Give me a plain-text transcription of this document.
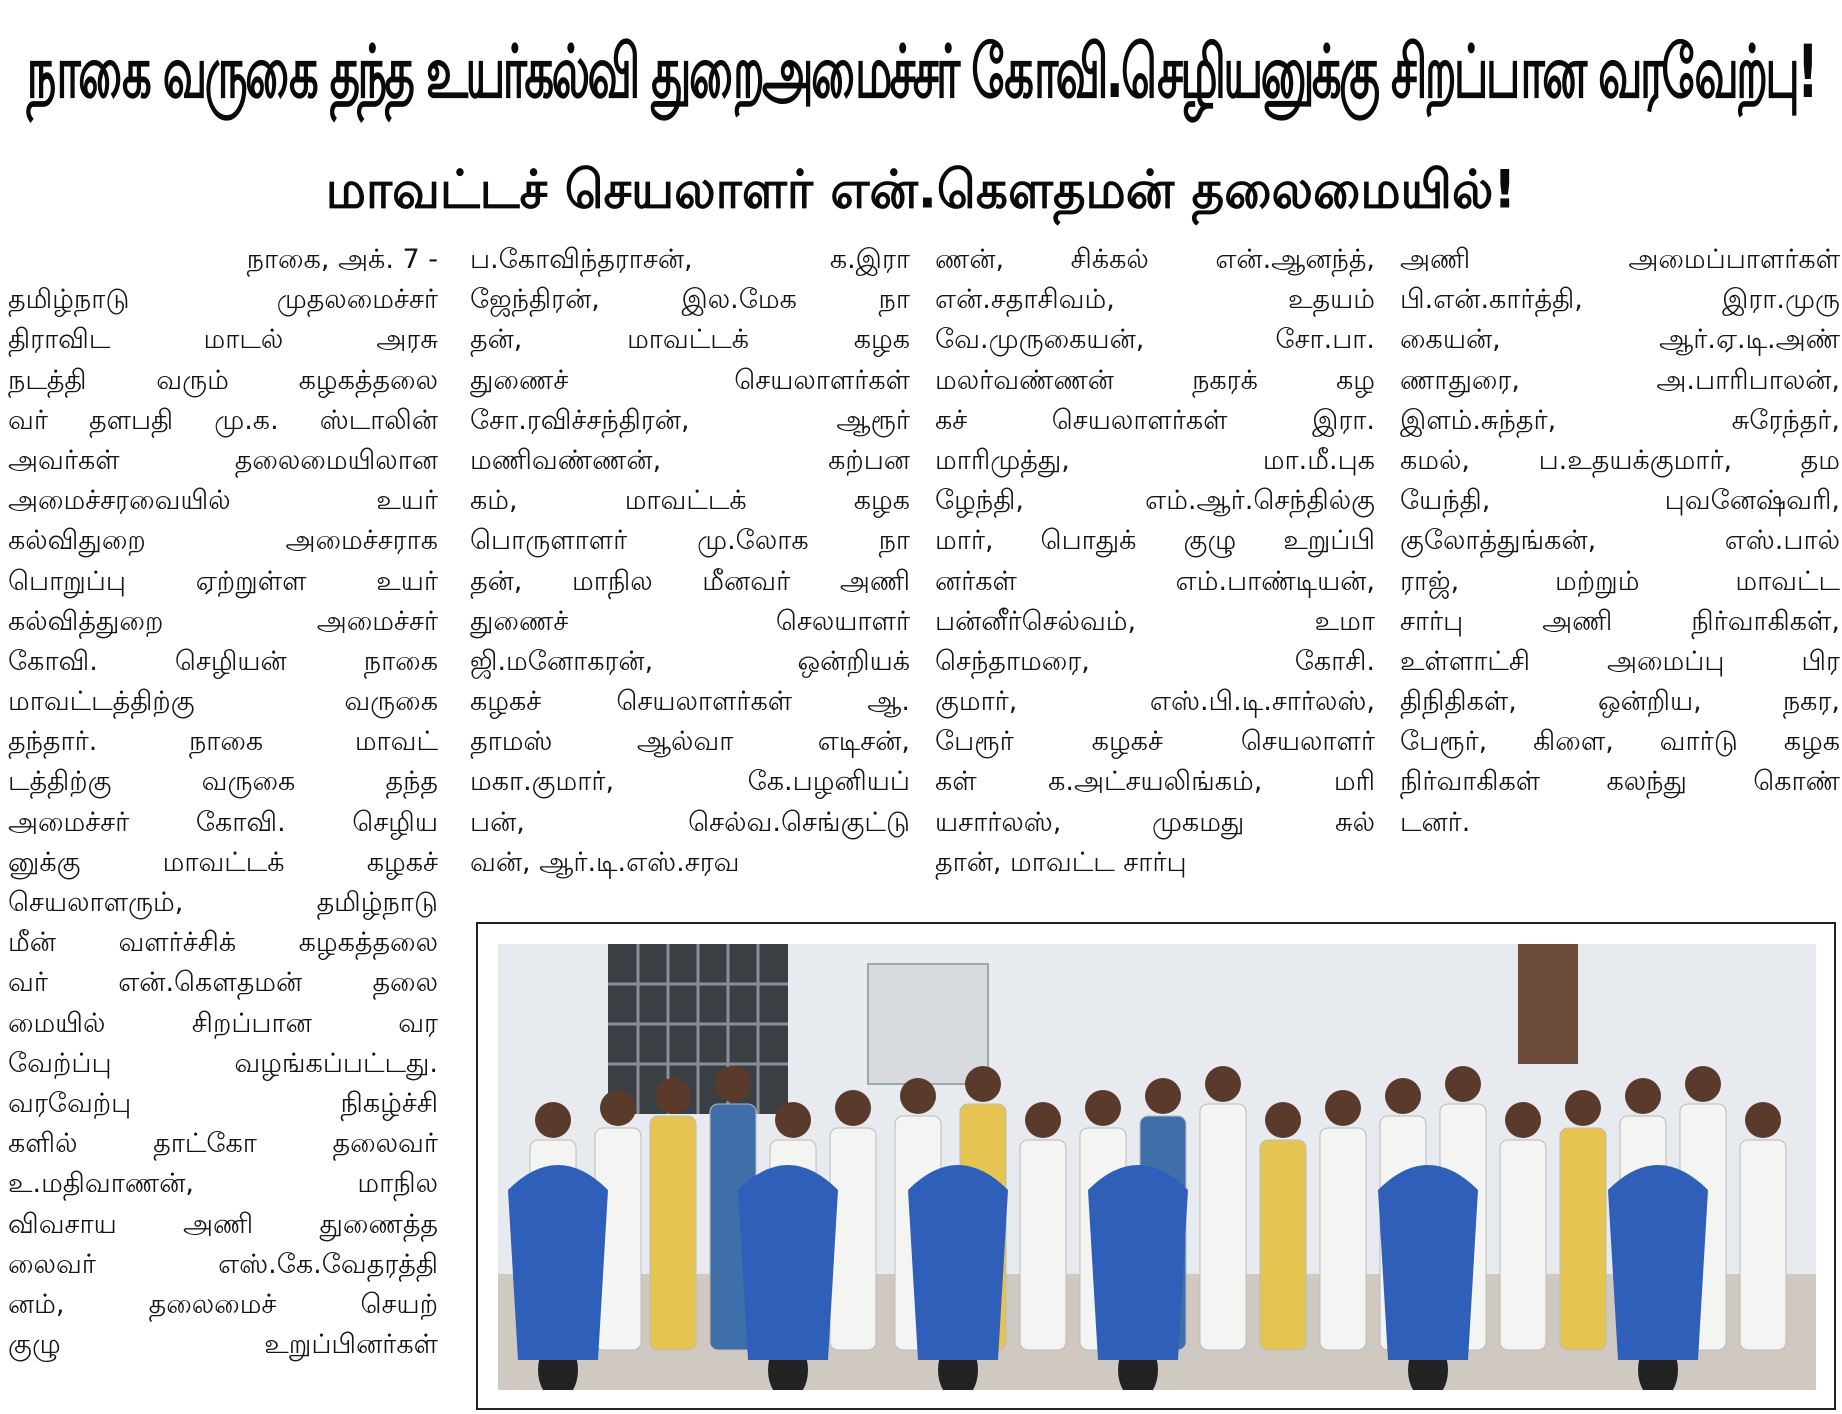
நாகை வருகை தந்த உயர்கல்வி துறைஅமைச்சர் கோவி.செழியனுக்கு சிறப்பான வரவேற்பு!
மாவட்டச் செயலாளர் என்.கௌதமன் தலைமையில்!
நாகை, அக். 7 -
தமிழ்நாடு முதலமைச்சர்
திராவிட மாடல் அரசு
நடத்தி வரும் கழகத்தலை
வர் தளபதி மு.க. ஸ்டாலின்
அவர்கள் தலைமையிலான
அமைச்சரவையில் உயர்
கல்விதுறை அமைச்சராக
பொறுப்பு ஏற்றுள்ள உயர்
கல்வித்துறை அமைச்சர்
கோவி. செழியன் நாகை
மாவட்டத்திற்கு வருகை
தந்தார். நாகை மாவட்
டத்திற்கு வருகை தந்த
அமைச்சர் கோவி. செழிய
னுக்கு மாவட்டக் கழகச்
செயலாளரும், தமிழ்நாடு
மீன் வளர்ச்சிக் கழகத்தலை
வர் என்.கௌதமன் தலை
மையில் சிறப்பான வர
வேற்ப்பு வழங்கப்பட்டது.
வரவேற்பு நிகழ்ச்சி
களில் தாட்கோ தலைவர்
உ.மதிவாணன், மாநில
விவசாய அணி துணைத்த
லைவர் எஸ்.கே.வேதரத்தி
னம், தலைமைச் செயற்
குழு உறுப்பினர்கள்
ப.கோவிந்தராசன், க.இரா
ஜேந்திரன், இல.மேக நா
தன், மாவட்டக் கழக
துணைச் செயலாளர்கள்
சோ.ரவிச்சந்திரன், ஆரூர்
மணிவண்ணன், கற்பன
கம், மாவட்டக் கழக
பொருளாளர் மு.லோக நா
தன், மாநில மீனவர் அணி
துணைச் செலயாளர்
ஜி.மனோகரன், ஒன்றியக்
கழகச் செயலாளர்கள் ஆ.
தாமஸ் ஆல்வா எடிசன்,
மகா.குமார், கே.பழனியப்
பன், செல்வ.செங்குட்டு
வன், ஆர்.டி.எஸ்.சரவ
ணன், சிக்கல் என்.ஆனந்த்,
என்.சதாசிவம், உதயம்
வே.முருகையன், சோ.பா.
மலர்வண்ணன் நகரக் கழ
கச் செயலாளர்கள் இரா.
மாரிமுத்து, மா.மீ.புக
ழேந்தி, எம்.ஆர்.செந்தில்கு
மார், பொதுக் குழு உறுப்பி
னர்கள் எம்.பாண்டியன்,
பன்னீர்செல்வம், உமா
செந்தாமரை, கோசி.
குமார், எஸ்.பி.டி.சார்லஸ்,
பேரூர் கழகச் செயலாளர்
கள் க.அட்சயலிங்கம், மரி
யசார்லஸ், முகமது சுல்
தான், மாவட்ட சார்பு
அணி அமைப்பாளர்கள்
பி.என்.கார்த்தி, இரா.முரு
கையன், ஆர்.ஏ.டி.அண்
ணாதுரை, அ.பாரிபாலன்,
இளம்.சுந்தர், சுரேந்தர்,
கமல், ப.உதயக்குமார், தம
யேந்தி, புவனேஷ்வரி,
குலோத்துங்கன், எஸ்.பால்
ராஜ், மற்றும் மாவட்ட
சார்பு அணி நிர்வாகிகள்,
உள்ளாட்சி அமைப்பு பிர
திநிதிகள், ஒன்றிய, நகர,
பேரூர், கிளை, வார்டு கழக
நிர்வாகிகள் கலந்து கொண்
டனர்.
